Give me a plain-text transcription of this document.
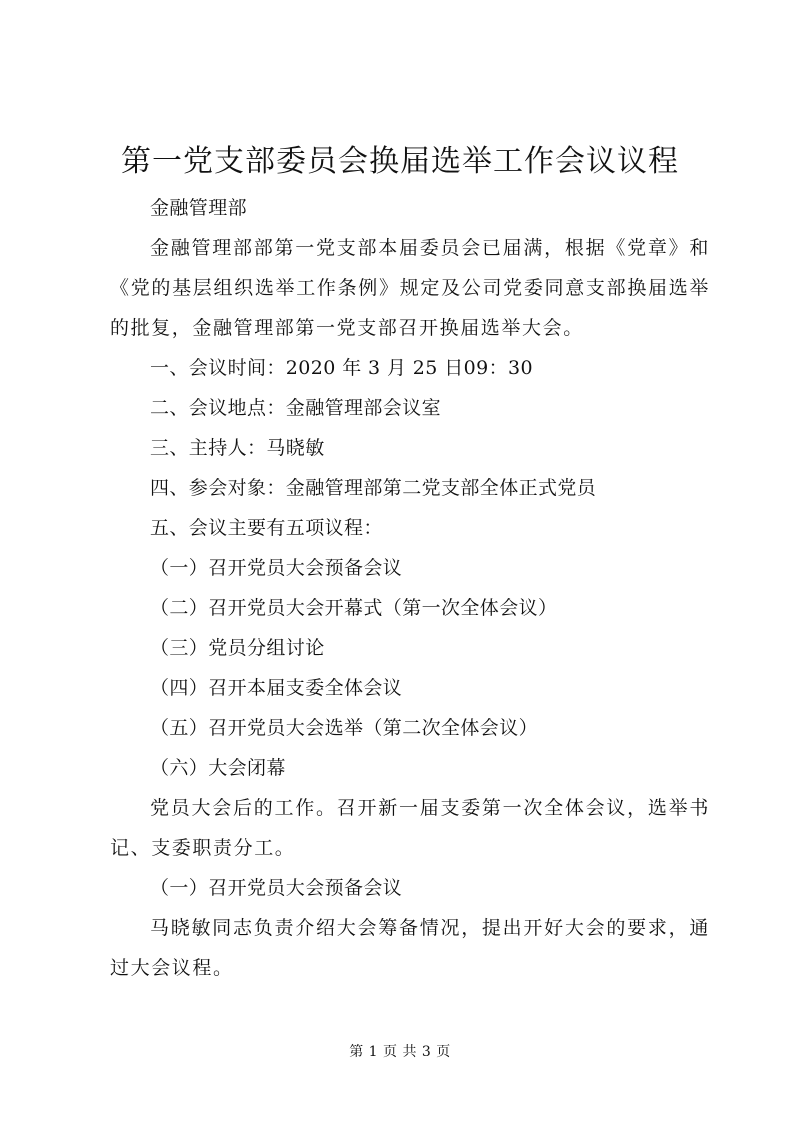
第一党支部委员会换届选举工作会议议程

金融管理部

金融管理部部第一党支部本届委员会已届满，根据《党章》和《党的基层组织选举工作条例》规定及公司党委同意支部换届选举的批复，金融管理部第一党支部召开换届选举大会。

一、会议时间：2020 年 3 月 25 日09：30

二、会议地点：金融管理部会议室

三、主持人：马晓敏

四、参会对象：金融管理部第二党支部全体正式党员

五、会议主要有五项议程：

（一）召开党员大会预备会议

（二）召开党员大会开幕式（第一次全体会议）

（三）党员分组讨论

（四）召开本届支委全体会议

（五）召开党员大会选举（第二次全体会议）

（六）大会闭幕

党员大会后的工作。召开新一届支委第一次全体会议，选举书记、支委职责分工。

（一）召开党员大会预备会议

马晓敏同志负责介绍大会筹备情况，提出开好大会的要求，通过大会议程。

第 1 页 共 3 页
